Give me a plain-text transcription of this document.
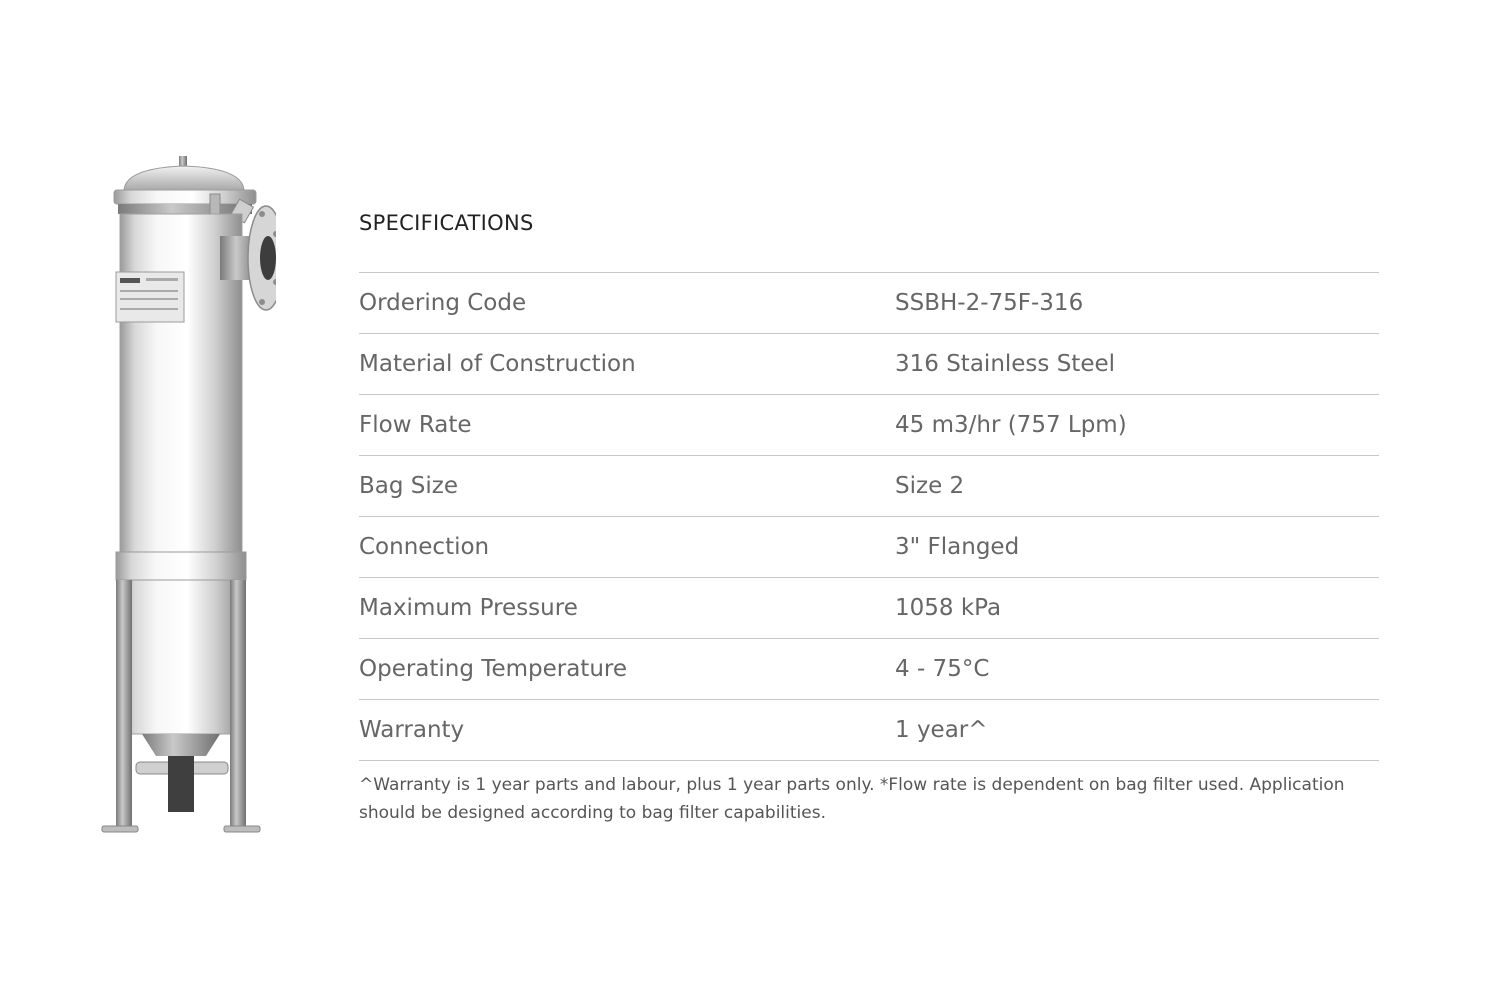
SPECIFICATIONS
Ordering Code	SSBH-2-75F-316
Material of Construction	316 Stainless Steel
Flow Rate	45 m3/hr (757 Lpm)
Bag Size	Size 2
Connection	3" Flanged
Maximum Pressure	1058 kPa
Operating Temperature	4 - 75°C
Warranty	1 year^
^Warranty is 1 year parts and labour, plus 1 year parts only. *Flow rate is dependent on bag filter used. Application should be designed according to bag filter capabilities.
